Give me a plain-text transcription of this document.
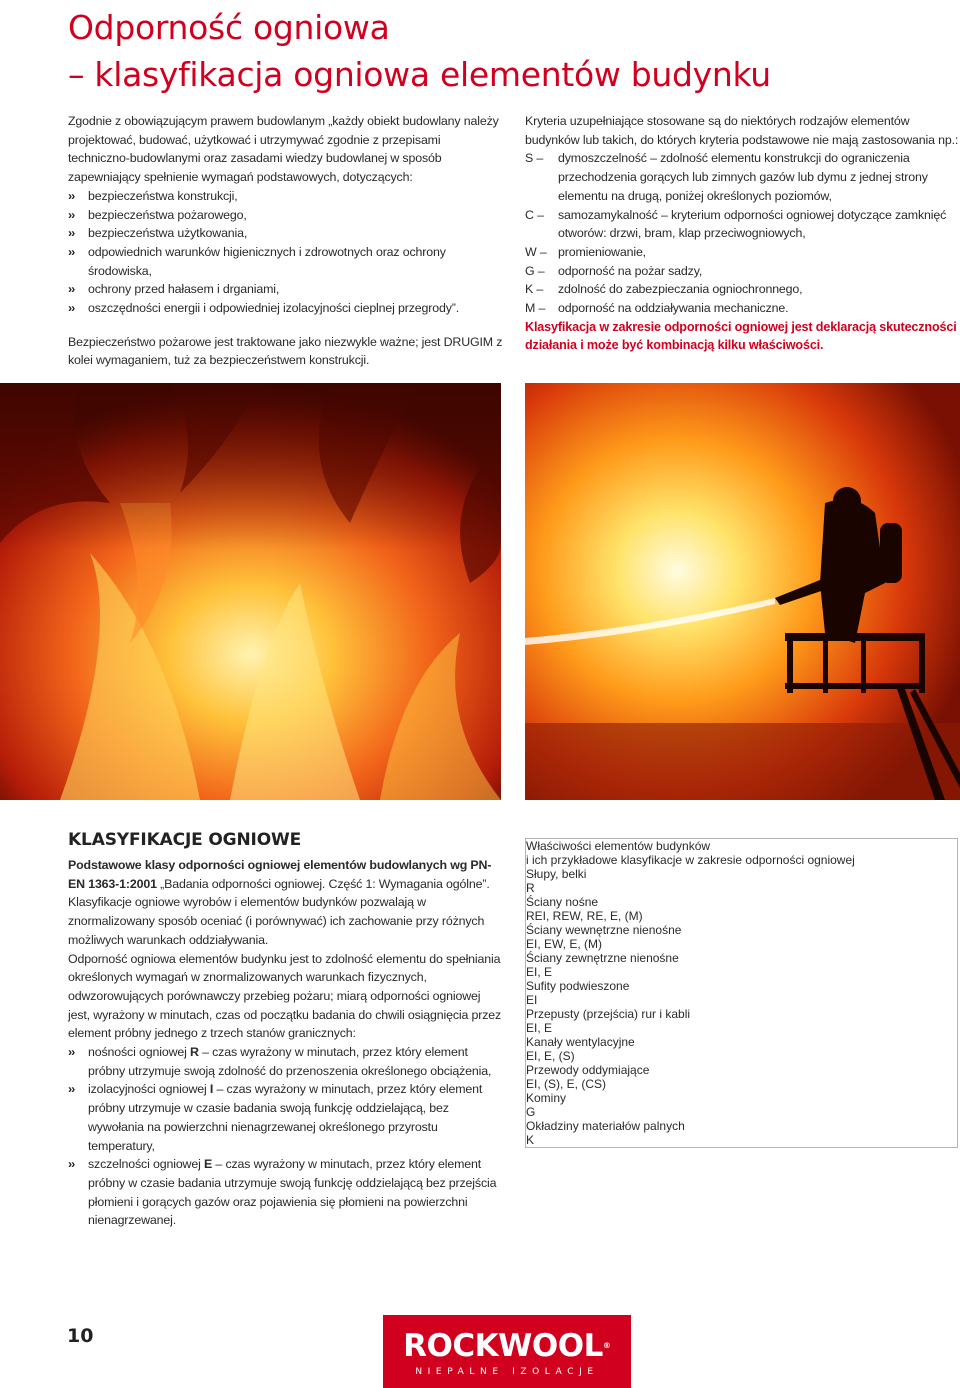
Odporność ogniowa
– klasyfikacja ogniowa elementów budynku

Zgodnie z obowiązującym prawem budowlanym „każdy obiekt budowlany należy projektować, budować, użytkować i utrzymywać zgodnie z przepisami techniczno-budowlanymi oraz zasadami wiedzy budowlanej w sposób zapewniający spełnienie wymagań podstawowych, dotyczących:

›› bezpieczeństwa konstrukcji,
›› bezpieczeństwa pożarowego,
›› bezpieczeństwa użytkowania,
›› odpowiednich warunków higienicznych i zdrowotnych oraz ochrony środowiska,
›› ochrony przed hałasem i drganiami,
›› oszczędności energii i odpowiedniej izolacyjności cieplnej przegrody”.

Bezpieczeństwo pożarowe jest traktowane jako niezwykle ważne; jest DRUGIM z kolei wymaganiem, tuż za bezpieczeństwem konstrukcji.

Kryteria uzupełniające stosowane są do niektórych rodzajów elementów budynków lub takich, do których kryteria podstawowe nie mają zastosowania np.:

S – dymoszczelność – zdolność elementu konstrukcji do ograniczenia przechodzenia gorących lub zimnych gazów lub dymu z jednej strony elementu na drugą, poniżej określonych poziomów,
C – samozamykalność – kryterium odporności ogniowej dotyczące zamknięć otworów: drzwi, bram, klap przeciwogniowych,
W – promieniowanie,
G – odporność na pożar sadzy,
K – zdolność do zabezpieczania ogniochronnego,
M – odporność na oddziaływania mechaniczne.

Klasyfikacja w zakresie odporności ogniowej jest deklaracją skuteczności działania i może być kombinacją kilku właściwości.

KLASYFIKACJE OGNIOWE

Podstawowe klasy odporności ogniowej elementów budowlanych wg PN-EN 1363-1:2001 „Badania odporności ogniowej. Część 1: Wymagania ogólne”.

Klasyfikacje ogniowe wyrobów i elementów budynków pozwalają w znormalizowany sposób oceniać (i porównywać) ich zachowanie przy różnych możliwych warunkach oddziaływania.

Odporność ogniowa elementów budynku jest to zdolność elementu do spełniania określonych wymagań w znormalizowanych warunkach fizycznych, odwzorowujących porównawczy przebieg pożaru; miarą odporności ogniowej jest, wyrażony w minutach, czas od początku badania do chwili osiągnięcia przez element próbny jednego z trzech stanów granicznych:

›› nośności ogniowej R – czas wyrażony w minutach, przez który element próbny utrzymuje swoją zdolność do przenoszenia określonego obciążenia,
›› izolacyjności ogniowej I – czas wyrażony w minutach, przez który element próbny utrzymuje w czasie badania swoją funkcję oddzielającą, bez wywołania na powierzchni nienagrzewanej określonego przyrostu temperatury,
›› szczelności ogniowej E – czas wyrażony w minutach, przez który element próbny w czasie badania utrzymuje swoją funkcję oddzielającą bez przejścia płomieni i gorących gazów oraz pojawienia się płomieni na powierzchni nienagrzewanej.
Właściwości elementów budynków
i ich przykładowe klasyfikacje w zakresie odporności ogniowej
Słupy, belki
R
Ściany nośne
REI, REW, RE, E, (M)
Ściany wewnętrzne nienośne
EI, EW, E, (M)
Ściany zewnętrzne nienośne
EI, E
Sufity podwieszone
EI
Przepusty (przejścia) rur i kabli
EI, E
Kanały wentylacyjne
EI, E, (S)
Przewody oddymiające
EI, (S), E, (CS)
Kominy
G
Okładziny materiałów palnych
K
10	ROCKWOOL®
NIEPALNE IZOLACJE
